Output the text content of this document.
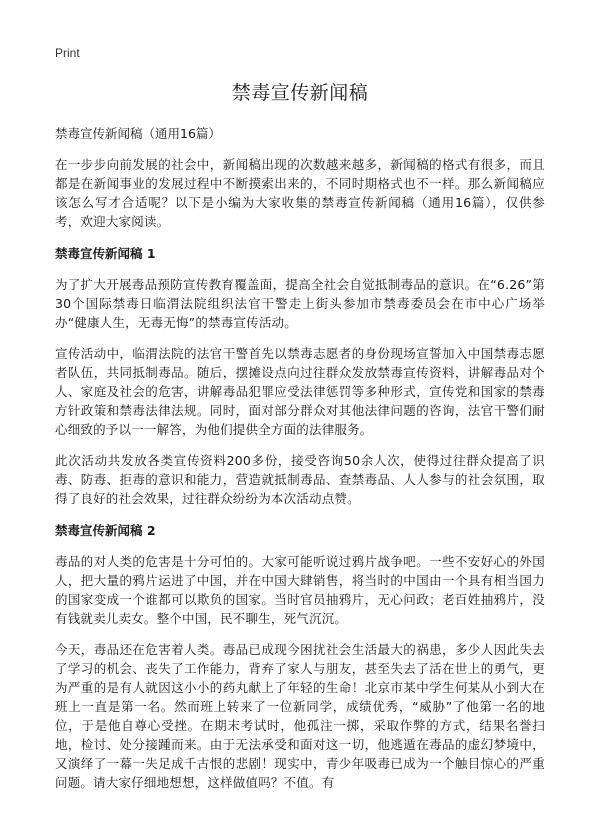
Print
禁毒宣传新闻稿
禁毒宣传新闻稿（通用16篇）

在一步步向前发展的社会中，新闻稿出现的次数越来越多，新闻稿的格式有很多，而且都是在新闻事业的发展过程中不断摸索出来的，不同时期格式也不一样。那么新闻稿应该怎么写才合适呢？以下是小编为大家收集的禁毒宣传新闻稿（通用16篇），仅供参考，欢迎大家阅读。

禁毒宣传新闻稿 1

为了扩大开展毒品预防宣传教育覆盖面，提高全社会自觉抵制毒品的意识。在“6.26”第30个国际禁毒日临渭法院组织法官干警走上街头参加市禁毒委员会在市中心广场举办“健康人生，无毒无悔”的禁毒宣传活动。

宣传活动中，临渭法院的法官干警首先以禁毒志愿者的身份现场宣誓加入中国禁毒志愿者队伍，共同抵制毒品。随后，摆摊设点向过往群众发放禁毒宣传资料，讲解毒品对个人、家庭及社会的危害，讲解毒品犯罪应受法律惩罚等多种形式，宣传党和国家的禁毒方针政策和禁毒法律法规。同时，面对部分群众对其他法律问题的咨询，法官干警们耐心细致的予以一一解答，为他们提供全方面的法律服务。

此次活动共发放各类宣传资料200多份，接受咨询50余人次，使得过往群众提高了识毒、防毒、拒毒的意识和能力，营造就抵制毒品、查禁毒品、人人参与的社会氛围，取得了良好的社会效果，过往群众纷纷为本次活动点赞。

禁毒宣传新闻稿 2

毒品的对人类的危害是十分可怕的。大家可能听说过鸦片战争吧。一些不安好心的外国人，把大量的鸦片运进了中国，并在中国大肆销售，将当时的中国由一个具有相当国力的国家变成一个谁都可以欺负的国家。当时官员抽鸦片，无心问政；老百姓抽鸦片，没有钱就卖儿卖女。整个中国，民不聊生，死气沉沉。

今天，毒品还在危害着人类。毒品已成现今困扰社会生活最大的祸患，多少人因此失去了学习的机会、丧失了工作能力，背弃了家人与朋友，甚至失去了活在世上的勇气，更为严重的是有人就因这小小的药丸献上了年轻的生命！北京市某中学生何某从小到大在班上一直是第一名。然而班上转来了一位新同学，成绩优秀，“威胁”了他第一名的地位，于是他自尊心受挫。在期末考试时，他孤注一掷，采取作弊的方式，结果名誉扫地，检讨、处分接踵而来。由于无法承受和面对这一切，他逃遁在毒品的虚幻梦境中，又演绎了一幕一失足成千古恨的悲剧！现实中，青少年吸毒已成为一个触目惊心的严重问题。请大家仔细地想想，这样做值吗？不值。有
